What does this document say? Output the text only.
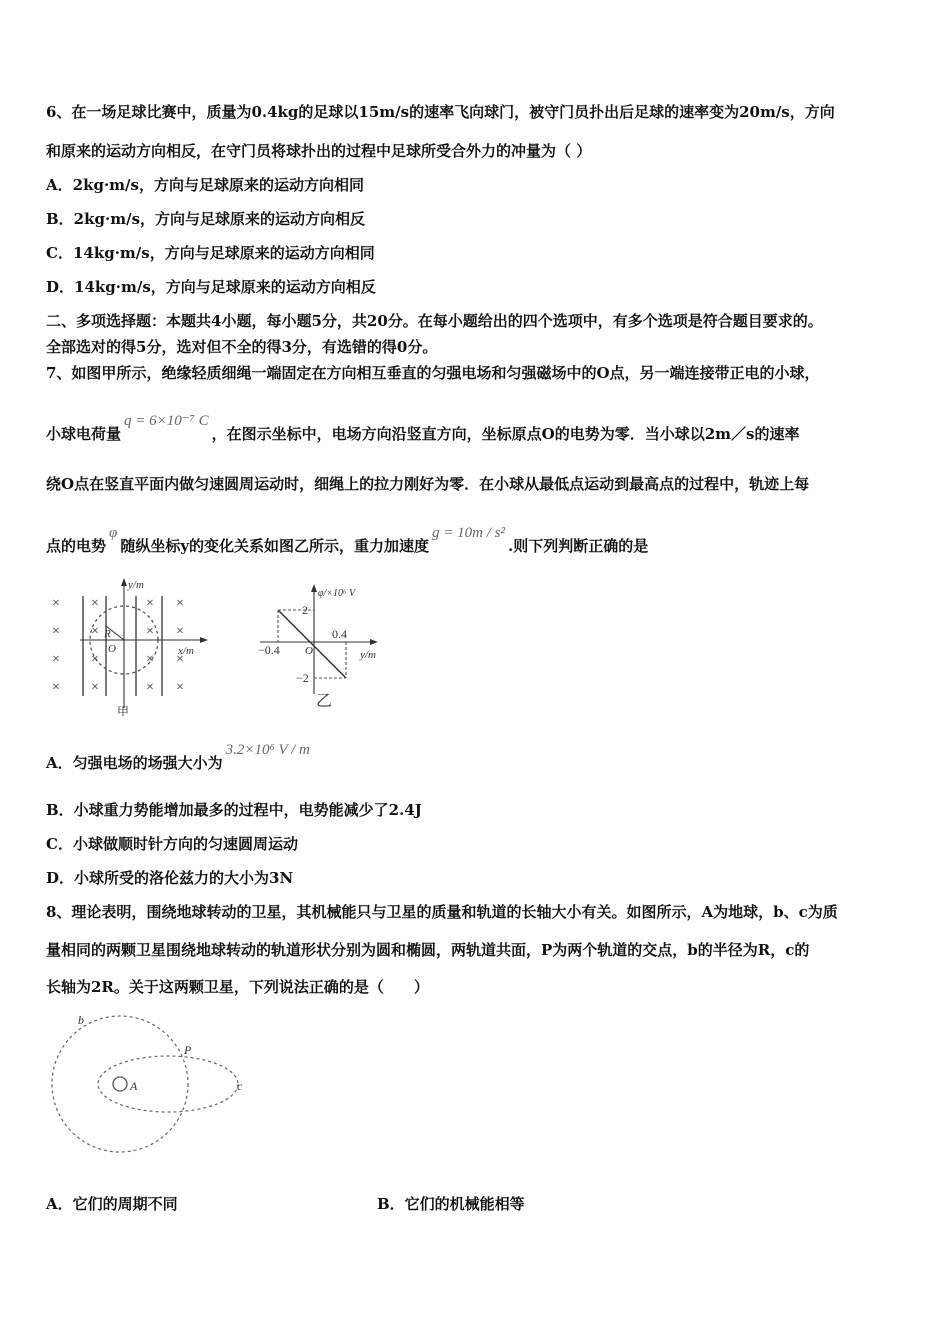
6、在一场足球比赛中，质量为0.4kg的足球以15m/s的速率飞向球门，被守门员扑出后足球的速率变为20m/s，方向
和原来的运动方向相反，在守门员将球扑出的过程中足球所受合外力的冲量为（ ）
A．2kg·m/s，方向与足球原来的运动方向相同
B．2kg·m/s，方向与足球原来的运动方向相反
C．14kg·m/s，方向与足球原来的运动方向相同
D．14kg·m/s，方向与足球原来的运动方向相反
二、多项选择题：本题共4小题，每小题5分，共20分。在每小题给出的四个选项中，有多个选项是符合题目要求的。
全部选对的得5分，选对但不全的得3分，有选错的得0分。
7、如图甲所示，绝缘轻质细绳一端固定在方向相互垂直的匀强电场和匀强磁场中的O点，另一端连接带正电的小球，
小球电荷量q = 6×10⁻⁷ C，在图示坐标中，电场方向沿竖直方向，坐标原点O的电势为零．当小球以2m／s的速率
绕O点在竖直平面内做匀速圆周运动时，细绳上的拉力刚好为零．在小球从最低点运动到最高点的过程中，轨迹上每
点的电势φ随纵坐标y的变化关系如图乙所示，重力加速度g = 10m / s².则下列判断正确的是
× ×	× ×
× ×	× ×
× ×	× ×
× ×	× ×
y/m
x/m
R
O
甲
φ/×10⁶ V
y/m
2
−2
0.4
−0.4 O
乙
A．匀强电场的场强大小为3.2×10⁶ V / m
B．小球重力势能增加最多的过程中，电势能减少了2.4J
C．小球做顺时针方向的匀速圆周运动
D．小球所受的洛伦兹力的大小为3N
8、理论表明，围绕地球转动的卫星，其机械能只与卫星的质量和轨道的长轴大小有关。如图所示，A为地球，b、c为质
量相同的两颗卫星围绕地球转动的轨道形状分别为圆和椭圆，两轨道共面，P为两个轨道的交点，b的半径为R，c的
长轴为2R。关于这两颗卫星，下列说法正确的是（　　）
A
b
c
P
A．它们的周期不同	B．它们的机械能相等
